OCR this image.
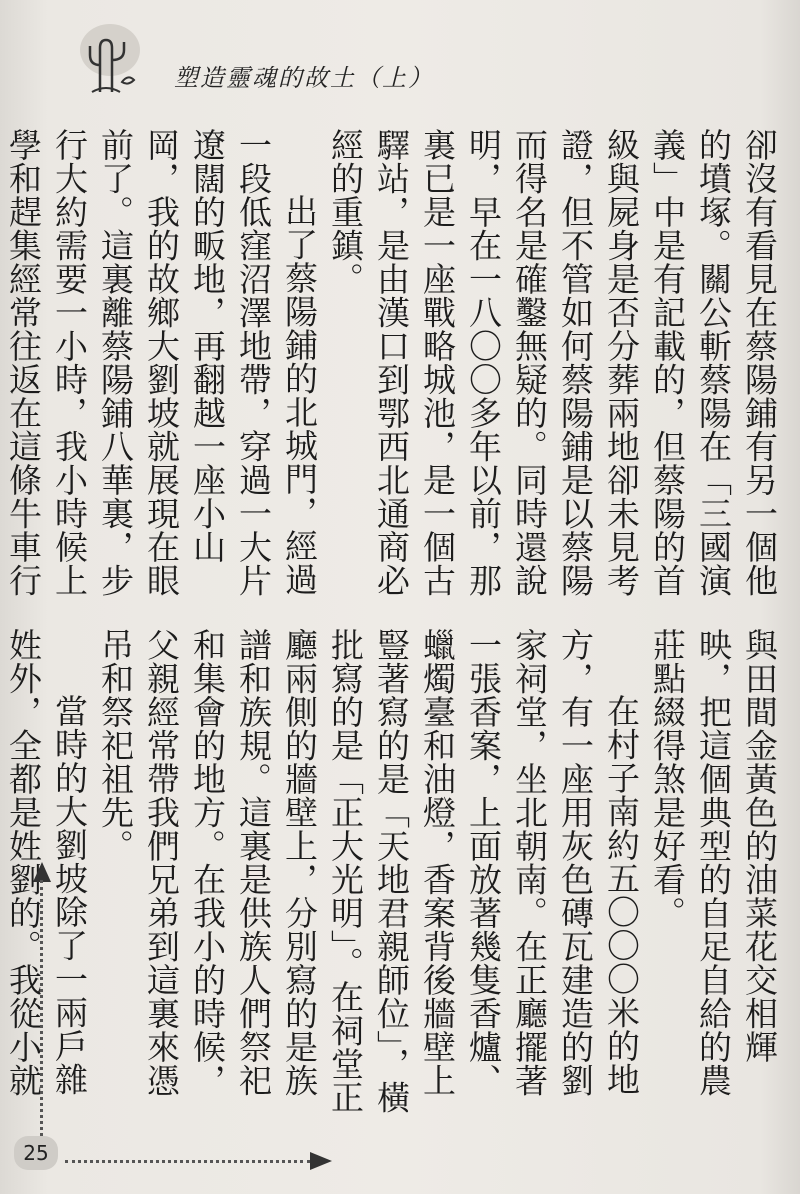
塑造靈魂的故土（上）

卻沒有看見在蔡陽鋪有另一個他的墳塚。關公斬蔡陽在「三國演義」中是有記載的，但蔡陽的首級與屍身是否分葬兩地卻未見考證，但不管如何蔡陽鋪是以蔡陽而得名是確鑿無疑的。同時還說明，早在一八〇〇多年以前，那裏已是一座戰略城池，是一個古驛站，是由漢口到鄂西北通商必經的重鎮。

出了蔡陽鋪的北城門，經過一段低窪沼澤地帶，穿過一大片遼闊的畈地，再翻越一座小山岡，我的故鄉大劉坡就展現在眼前了。這裏離蔡陽鋪八華裏，步行大約需要一小時，我小時候上學和趕集經常往返在這條牛車行

與田間金黃色的油菜花交相輝映，把這個典型的自足自給的農莊點綴得煞是好看。

在村子南約五〇〇〇米的地方，有一座用灰色磚瓦建造的劉家祠堂，坐北朝南。在正廳擺著一張香案，上面放著幾隻香爐、蠟燭臺和油燈，香案背後牆壁上豎著寫的是「天地君親師位」，橫批寫的是「正大光明」。在祠堂正廳兩側的牆壁上，分別寫的是族譜和族規。這裏是供族人們祭祀和集會的地方。在我小的時候，父親經常帶我們兄弟到這裏來憑吊和祭祀祖先。

當時的大劉坡除了一兩戶雜姓外，全都是姓劉的。我從小就

25
